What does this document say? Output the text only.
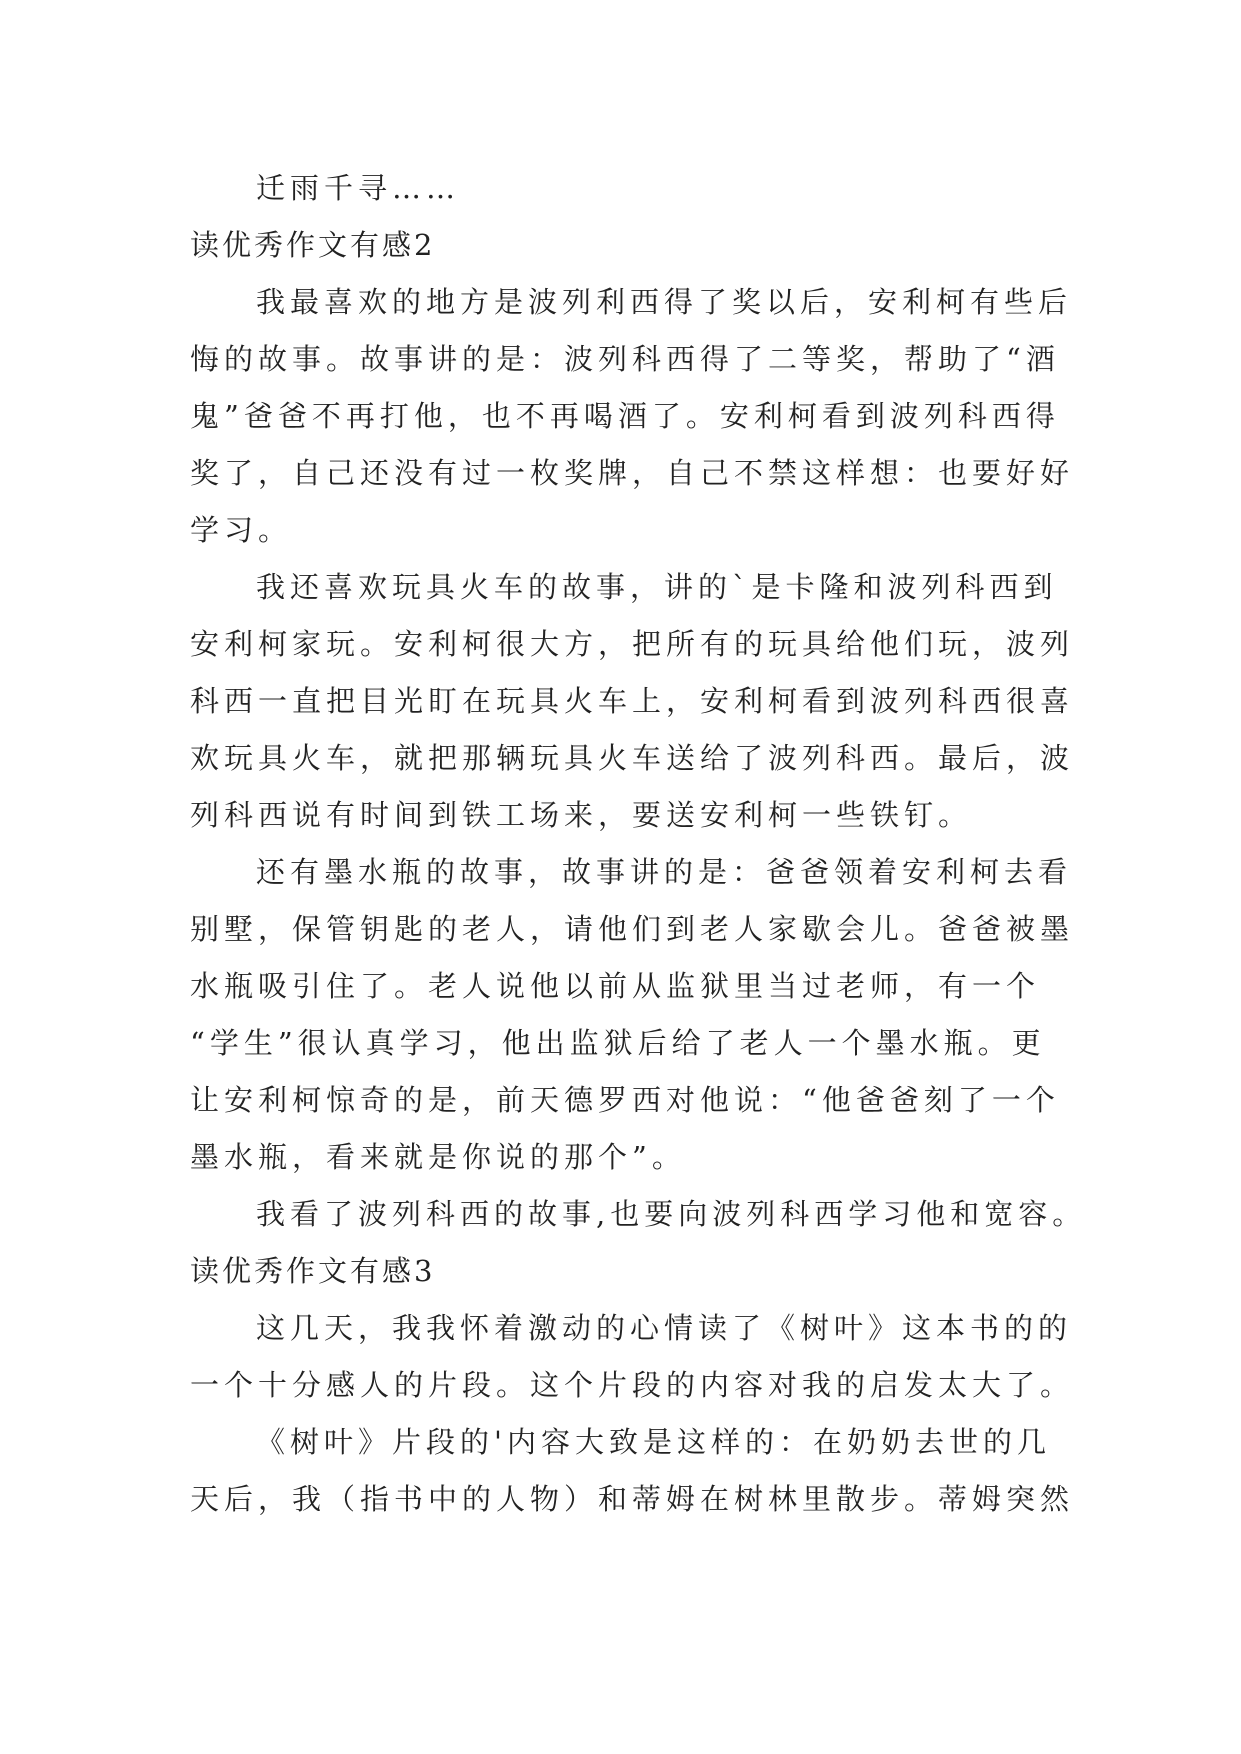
迁雨千寻……
读优秀作文有感2
我最喜欢的地方是波列利西得了奖以后，安利柯有些后
悔的故事。故事讲的是：波列科西得了二等奖，帮助了“酒
鬼”爸爸不再打他，也不再喝酒了。安利柯看到波列科西得
奖了，自己还没有过一枚奖牌，自己不禁这样想：也要好好
学习。
我还喜欢玩具火车的故事，讲的`是卡隆和波列科西到
安利柯家玩。安利柯很大方，把所有的玩具给他们玩，波列
科西一直把目光盯在玩具火车上，安利柯看到波列科西很喜
欢玩具火车，就把那辆玩具火车送给了波列科西。最后，波
列科西说有时间到铁工场来，要送安利柯一些铁钉。
还有墨水瓶的故事，故事讲的是：爸爸领着安利柯去看
别墅，保管钥匙的老人，请他们到老人家歇会儿。爸爸被墨
水瓶吸引住了。老人说他以前从监狱里当过老师，有一个
“学生”很认真学习，他出监狱后给了老人一个墨水瓶。更
让安利柯惊奇的是，前天德罗西对他说：“他爸爸刻了一个
墨水瓶，看来就是你说的那个”。
我看了波列科西的故事,也要向波列科西学习他和宽容。
读优秀作文有感3
这几天，我我怀着激动的心情读了《树叶》这本书的的
一个十分感人的片段。这个片段的内容对我的启发太大了。
《树叶》片段的'内容大致是这样的：在奶奶去世的几
天后，我（指书中的人物）和蒂姆在树林里散步。蒂姆突然
